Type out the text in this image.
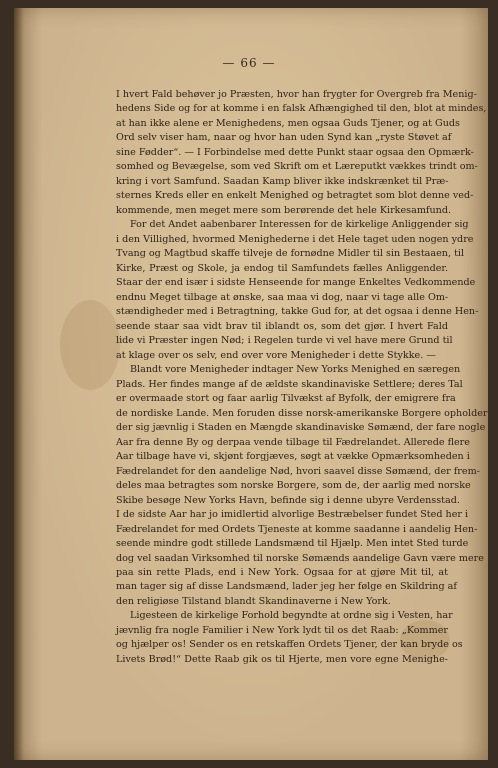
— 66 —
I hvert Fald behøver jo Præsten, hvor han frygter for Overgreb fra Menig-
hedens Side og for at komme i en falsk Afhængighed til den, blot at mindes,
at han ikke alene er Menighedens, men ogsaa Guds Tjener, og at Guds
Ord selv viser ham, naar og hvor han uden Synd kan „ryste Støvet af
sine Fødder“. — I Forbindelse med dette Punkt staar ogsaa den Opmærk-
somhed og Bevægelse, som ved Skrift om et Læreputkt vækkes trindt om-
kring i vort Samfund. Saadan Kamp bliver ikke indskrænket til Præ-
sternes Kreds eller en enkelt Menighed og betragtet som blot denne ved-
kommende, men meget mere som berørende det hele Kirkesamfund.
For det Andet aabenbarer Interessen for de kirkelige Anliggender sig
i den Villighed, hvormed Menighederne i det Hele taget uden nogen ydre
Tvang og Magtbud skaffe tilveje de fornødne Midler til sin Bestaaen, til
Kirke, Præst og Skole, ja endog til Samfundets fælles Anliggender.
Staar der end især i sidste Henseende for mange Enkeltes Vedkommende
endnu Meget tilbage at ønske, saa maa vi dog, naar vi tage alle Om-
stændigheder med i Betragtning, takke Gud for, at det ogsaa i denne Hen-
seende staar saa vidt brav til iblandt os, som det gjør. I hvert Fald
lide vi Præster ingen Nød; i Regelen turde vi vel have mere Grund til
at klage over os selv, end over vore Menigheder i dette Stykke. —
Blandt vore Menigheder indtager New Yorks Menighed en særegen
Plads. Her findes mange af de ældste skandinaviske Settlere; deres Tal
er overmaade stort og faar aarlig Tilvækst af Byfolk, der emigrere fra
de nordiske Lande. Men foruden disse norsk-amerikanske Borgere opholder
der sig jævnlig i Staden en Mængde skandinaviske Sømænd, der fare nogle
Aar fra denne By og derpaa vende tilbage til Fædrelandet. Allerede flere
Aar tilbage have vi, skjønt forgjæves, søgt at vække Opmærksomheden i
Fædrelandet for den aandelige Nød, hvori saavel disse Sømænd, der frem-
deles maa betragtes som norske Borgere, som de, der aarlig med norske
Skibe besøge New Yorks Havn, befinde sig i denne ubyre Verdensstad.
I de sidste Aar har jo imidlertid alvorlige Bestræbelser fundet Sted her i
Fædrelandet for med Ordets Tjeneste at komme saadanne i aandelig Hen-
seende mindre godt stillede Landsmænd til Hjælp. Men intet Sted turde
dog vel saadan Virksomhed til norske Sømænds aandelige Gavn være mere
paa sin rette Plads, end i New York. Ogsaa for at gjøre Mit til, at
man tager sig af disse Landsmænd, lader jeg her følge en Skildring af
den religiøse Tilstand blandt Skandinaverne i New York.
Ligesteen de kirkelige Forhold begyndte at ordne sig i Vesten, har
jævnlig fra nogle Familier i New York lydt til os det Raab: „Kommer
og hjælper os! Sender os en retskaffen Ordets Tjener, der kan bryde os
Livets Brød!“ Dette Raab gik os til Hjerte, men vore egne Menighe-
